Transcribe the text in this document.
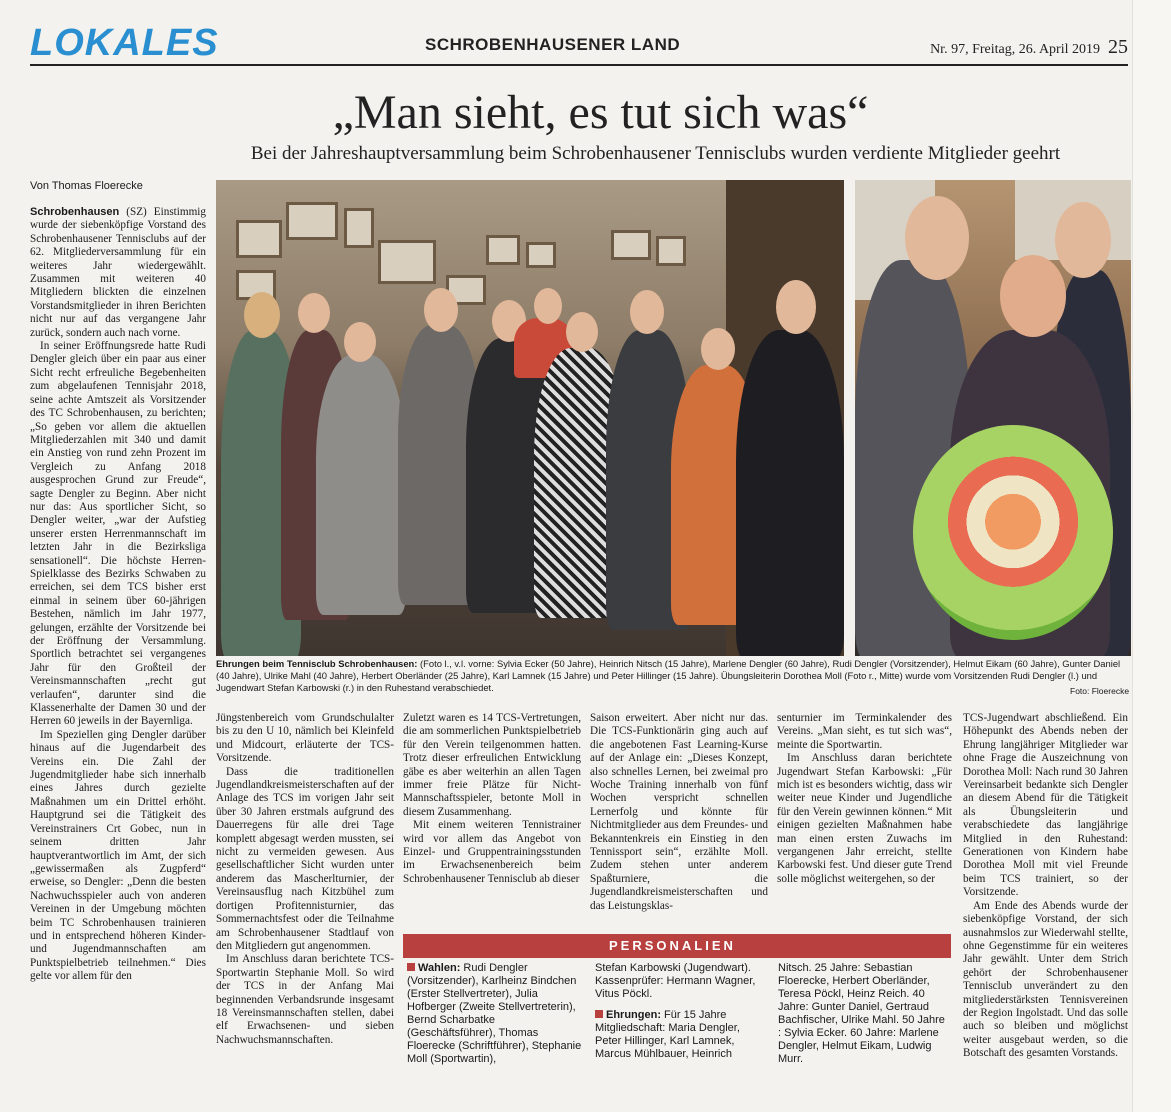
LOKALES	SCHROBENHAUSENER LAND	Nr. 97, Freitag, 26. April 2019 25
„Man sieht, es tut sich was“
Bei der Jahreshauptversammlung beim Schrobenhausener Tennisclubs wurden verdiente Mitglieder geehrt
Von Thomas Floerecke

Schrobenhausen (SZ) Einstimmig wurde der siebenköpfige Vorstand des Schrobenhausener Tennisclubs auf der 62. Mitgliederversammlung für ein weiteres Jahr wiedergewählt. Zusammen mit weiteren 40 Mitgliedern blickten die einzelnen Vorstandsmitglieder in ihren Berichten nicht nur auf das vergangene Jahr zurück, sondern auch nach vorne.

In seiner Eröffnungsrede hatte Rudi Dengler gleich über ein paar aus einer Sicht recht erfreuliche Begebenheiten zum abgelaufenen Tennisjahr 2018, seine achte Amtszeit als Vorsitzender des TC Schrobenhausen, zu berichten; „So geben vor allem die aktuellen Mitgliederzahlen mit 340 und damit ein Anstieg von rund zehn Prozent im Vergleich zu Anfang 2018 ausgesprochen Grund zur Freude“, sagte Dengler zu Beginn. Aber nicht nur das: Aus sportlicher Sicht, so Dengler weiter, „war der Aufstieg unserer ersten Herrenmannschaft im letzten Jahr in die Bezirksliga sensationell“. Die höchste Herren-Spielklasse des Bezirks Schwaben zu erreichen, sei dem TCS bisher erst einmal in seinem über 60-jährigen Bestehen, nämlich im Jahr 1977, gelungen, erzählte der Vorsitzende bei der Eröffnung der Versammlung. Sportlich betrachtet sei vergangenes Jahr für den Großteil der Vereinsmannschaften „recht gut verlaufen“, darunter sind die Klassenerhalte der Damen 30 und der Herren 60 jeweils in der Bayernliga.

Im Speziellen ging Dengler darüber hinaus auf die Jugendarbeit des Vereins ein. Die Zahl der Jugendmitglieder habe sich innerhalb eines Jahres durch gezielte Maßnahmen um ein Drittel erhöht. Hauptgrund sei die Tätigkeit des Vereinstrainers Crt Gobec, nun in seinem dritten Jahr hauptverantwortlich im Amt, der sich „gewissermaßen als Zugpferd“ erweise, so Dengler: „Denn die besten Nachwuchsspieler auch von anderen Vereinen in der Umgebung möchten beim TC Schrobenhausen trainieren und in entsprechend höheren Kinder- und Jugendmannschaften am Punktspielbetrieb teilnehmen.“ Dies gelte vor allem für den

Ehrungen beim Tennisclub Schrobenhausen: (Foto l., v.l. vorne: Sylvia Ecker (50 Jahre), Heinrich Nitsch (15 Jahre), Marlene Dengler (60 Jahre), Rudi Dengler (Vorsitzender), Helmut Eikam (60 Jahre), Gunter Daniel (40 Jahre), Ulrike Mahl (40 Jahre), Herbert Oberländer (25 Jahre), Karl Lamnek (15 Jahre) und Peter Hillinger (15 Jahre). Übungsleiterin Dorothea Moll (Foto r., Mitte) wurde vom Vorsitzenden Rudi Dengler (l.) und Jugendwart Stefan Karbowski (r.) in den Ruhestand verabschiedet.	Foto: Floerecke

Jüngstenbereich vom Grundschulalter bis zu den U 10, nämlich bei Kleinfeld und Midcourt, erläuterte der TCS-Vorsitzende.

Dass die traditionellen Jugendlandkreismeisterschaften auf der Anlage des TCS im vorigen Jahr seit über 30 Jahren erstmals aufgrund des Dauerregens für alle drei Tage komplett abgesagt werden mussten, sei nicht zu vermeiden gewesen. Aus gesellschaftlicher Sicht wurden unter anderem das Mascherlturnier, der Vereinsausflug nach Kitzbühel zum dortigen Profitennisturnier, das Sommernachtsfest oder die Teilnahme am Schrobenhausener Stadtlauf von den Mitgliedern gut angenommen.

Im Anschluss daran berichtete TCS-Sportwartin Stephanie Moll. So wird der TCS in der Anfang Mai beginnenden Verbandsrunde insgesamt 18 Vereinsmannschaften stellen, dabei elf Erwachsenen- und sieben Nachwuchsmannschaften.

Zuletzt waren es 14 TCS-Vertretungen, die am sommerlichen Punktspielbetrieb für den Verein teilgenommen hatten. Trotz dieser erfreulichen Entwicklung gäbe es aber weiterhin an allen Tagen immer freie Plätze für Nicht-Mannschaftsspieler, betonte Moll in diesem Zusammenhang.

Mit einem weiteren Tennistrainer wird vor allem das Angebot von Einzel- und Gruppentrainingsstunden im Erwachsenenbereich beim Schrobenhausener Tennisclub ab dieser

Saison erweitert. Aber nicht nur das. Die TCS-Funktionärin ging auch auf die angebotenen Fast Learning-Kurse auf der Anlage ein: „Dieses Konzept, also schnelles Lernen, bei zweimal pro Woche Training innerhalb von fünf Wochen verspricht schnellen Lernerfolg und könnte für Nichtmitglieder aus dem Freundes- und Bekanntenkreis ein Einstieg in den Tennissport sein“, erzählte Moll. Zudem stehen unter anderem Spaßturniere, die Jugendlandkreismeisterschaften und das Leistungsklas-

senturnier im Terminkalender des Vereins. „Man sieht, es tut sich was“, meinte die Sportwartin.

Im Anschluss daran berichtete Jugendwart Stefan Karbowski: „Für mich ist es besonders wichtig, dass wir weiter neue Kinder und Jugendliche für den Verein gewinnen können.“ Mit einigen gezielten Maßnahmen habe man einen ersten Zuwachs im vergangenen Jahr erreicht, stellte Karbowski fest. Und dieser gute Trend solle möglichst weitergehen, so der

TCS-Jugendwart abschließend. Ein Höhepunkt des Abends neben der Ehrung langjähriger Mitglieder war ohne Frage die Auszeichnung von Dorothea Moll: Nach rund 30 Jahren Vereinsarbeit bedankte sich Dengler an diesem Abend für die Tätigkeit als Übungsleiterin und verabschiedete das langjährige Mitglied in den Ruhestand: Generationen von Kindern habe Dorothea Moll mit viel Freunde beim TCS trainiert, so der Vorsitzende.

Am Ende des Abends wurde der siebenköpfige Vorstand, der sich ausnahmslos zur Wiederwahl stellte, ohne Gegenstimme für ein weiteres Jahr gewählt. Unter dem Strich gehört der Schrobenhausener Tennisclub unverändert zu den mitgliederstärksten Tennisvereinen der Region Ingolstadt. Und das solle auch so bleiben und möglichst weiter ausgebaut werden, so die Botschaft des gesamten Vorstands.

PERSONALIEN
Wahlen: Rudi Dengler (Vorsitzender), Karlheinz Bindchen (Erster Stellvertreter), Julia Hofberger (Zweite Stellvertreterin), Bernd Scharbatke (Geschäftsführer), Thomas Floerecke (Schriftführer), Stephanie Moll (Sportwartin),
Stefan Karbowski (Jugendwart). Kassenprüfer: Hermann Wagner, Vitus Pöckl.
Ehrungen: Für 15 Jahre Mitgliedschaft: Maria Dengler, Peter Hillinger, Karl Lamnek, Marcus Mühlbauer, Heinrich
Nitsch. 25 Jahre: Sebastian Floerecke, Herbert Oberländer, Teresa Pöckl, Heinz Reich. 40 Jahre: Gunter Daniel, Gertraud Bachfischer, Ulrike Mahl. 50 Jahre : Sylvia Ecker. 60 Jahre: Marlene Dengler, Helmut Eikam, Ludwig Murr.
